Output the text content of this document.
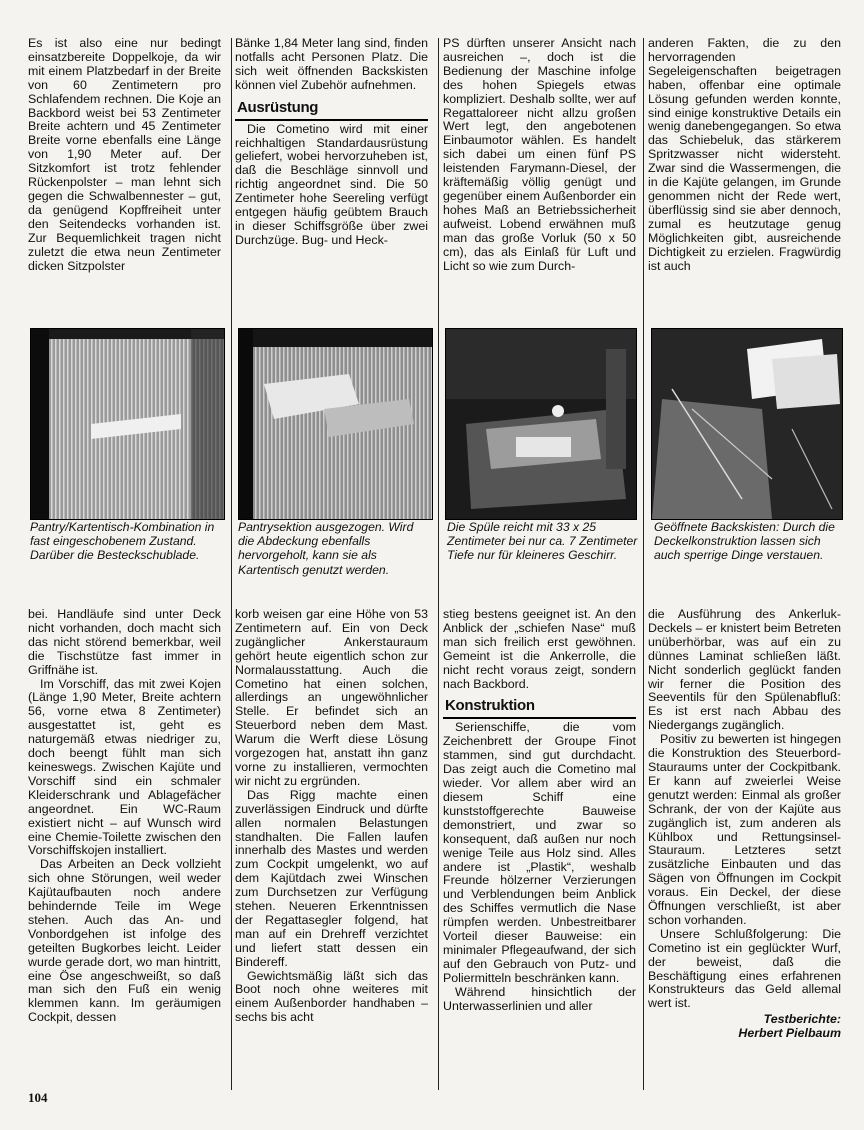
Es ist also eine nur bedingt einsatzbereite Doppelkoje, da wir mit einem Platzbedarf in der Breite von 60 Zentimetern pro Schlafendem rechnen. Die Koje an Backbord weist bei 53 Zentimeter Breite achtern und 45 Zentimeter Breite vorne ebenfalls eine Länge von 1,90 Meter auf. Der Sitzkomfort ist trotz fehlender Rückenpolster – man lehnt sich gegen die Schwalbennester – gut, da genügend Kopffreiheit unter den Seitendecks vorhanden ist. Zur Bequemlichkeit tragen nicht zuletzt die etwa neun Zentimeter dicken Sitzpolster

Bänke 1,84 Meter lang sind, finden notfalls acht Personen Platz. Die sich weit öffnenden Backskisten können viel Zubehör aufnehmen.

Ausrüstung

Die Cometino wird mit einer reichhaltigen Standardausrüstung geliefert, wobei hervorzuheben ist, daß die Beschläge sinnvoll und richtig angeordnet sind. Die 50 Zentimeter hohe Seereling verfügt entgegen häufig geübtem Brauch in dieser Schiffsgröße über zwei Durchzüge. Bug- und Heck-

PS dürften unserer Ansicht nach ausreichen –, doch ist die Bedienung der Maschine infolge des hohen Spiegels etwas kompliziert. Deshalb sollte, wer auf Regattaloreer nicht allzu großen Wert legt, den angebotenen Einbaumotor wählen. Es handelt sich dabei um einen fünf PS leistenden Farymann-Diesel, der kräftemäßig völlig genügt und gegenüber einem Außenborder ein hohes Maß an Betriebssicherheit aufweist. Lobend erwähnen muß man das große Vorluk (50 x 50 cm), das als Einlaß für Luft und Licht so wie zum Durch-

anderen Fakten, die zu den hervorragenden Segeleigenschaften beigetragen haben, offenbar eine optimale Lösung gefunden werden konnte, sind einige konstruktive Details ein wenig danebengegangen. So etwa das Schiebeluk, das stärkerem Spritzwasser nicht widersteht. Zwar sind die Wassermengen, die in die Kajüte gelangen, im Grunde genommen nicht der Rede wert, überflüssig sind sie aber dennoch, zumal es heutzutage genug Möglichkeiten gibt, ausreichende Dichtigkeit zu erzielen. Fragwürdig ist auch

Pantry/Kartentisch-Kombination in fast eingeschobenem Zustand. Darüber die Besteckschublade.
Pantrysektion ausgezogen. Wird die Abdeckung ebenfalls hervorgeholt, kann sie als Kartentisch genutzt werden.
Die Spüle reicht mit 33 x 25 Zentimeter bei nur ca. 7 Zentimeter Tiefe nur für kleineres Geschirr.
Geöffnete Backskisten: Durch die Deckelkonstruktion lassen sich auch sperrige Dinge verstauen.

bei. Handläufe sind unter Deck nicht vorhanden, doch macht sich das nicht störend bemerkbar, weil die Tischstütze fast immer in Griffnähe ist.

Im Vorschiff, das mit zwei Kojen (Länge 1,90 Meter, Breite achtern 56, vorne etwa 8 Zentimeter) ausgestattet ist, geht es naturgemäß etwas niedriger zu, doch beengt fühlt man sich keineswegs. Zwischen Kajüte und Vorschiff sind ein schmaler Kleiderschrank und Ablagefächer angeordnet. Ein WC-Raum existiert nicht – auf Wunsch wird eine Chemie-Toilette zwischen den Vorschiffskojen installiert.

Das Arbeiten an Deck vollzieht sich ohne Störungen, weil weder Kajütaufbauten noch andere behindernde Teile im Wege stehen. Auch das An- und Vonbordgehen ist infolge des geteilten Bugkorbes leicht. Leider wurde gerade dort, wo man hintritt, eine Öse angeschweißt, so daß man sich den Fuß ein wenig klemmen kann. Im geräumigen Cockpit, dessen

korb weisen gar eine Höhe von 53 Zentimetern auf. Ein von Deck zugänglicher Ankerstauraum gehört heute eigentlich schon zur Normalausstattung. Auch die Cometino hat einen solchen, allerdings an ungewöhnlicher Stelle. Er befindet sich an Steuerbord neben dem Mast. Warum die Werft diese Lösung vorgezogen hat, anstatt ihn ganz vorne zu installieren, vermochten wir nicht zu ergründen.

Das Rigg machte einen zuverlässigen Eindruck und dürfte allen normalen Belastungen standhalten. Die Fallen laufen innerhalb des Mastes und werden zum Cockpit umgelenkt, wo auf dem Kajütdach zwei Winschen zum Durchsetzen zur Verfügung stehen. Neueren Erkenntnissen der Regattasegler folgend, hat man auf ein Drehreff verzichtet und liefert statt dessen ein Bindereff.

Gewichtsmäßig läßt sich das Boot noch ohne weiteres mit einem Außenborder handhaben – sechs bis acht

stieg bestens geeignet ist. An den Anblick der „schiefen Nase“ muß man sich freilich erst gewöhnen. Gemeint ist die Ankerrolle, die nicht recht voraus zeigt, sondern nach Backbord.

Konstruktion

Serienschiffe, die vom Zeichenbrett der Groupe Finot stammen, sind gut durchdacht. Das zeigt auch die Cometino mal wieder. Vor allem aber wird an diesem Schiff eine kunststoffgerechte Bauweise demonstriert, und zwar so konsequent, daß außen nur noch wenige Teile aus Holz sind. Alles andere ist „Plastik“, weshalb Freunde hölzerner Verzierungen und Verblendungen beim Anblick des Schiffes vermutlich die Nase rümpfen werden. Unbestreitbarer Vorteil dieser Bauweise: ein minimaler Pflegeaufwand, der sich auf den Gebrauch von Putz- und Poliermitteln beschränken kann.

Während hinsichtlich der Unterwasserlinien und aller

die Ausführung des Ankerluk-Deckels – er knistert beim Betreten unüberhörbar, was auf ein zu dünnes Laminat schließen läßt. Nicht sonderlich geglückt fanden wir ferner die Position des Seeventils für den Spülenabfluß: Es ist erst nach Abbau des Niedergangs zugänglich.

Positiv zu bewerten ist hingegen die Konstruktion des Steuerbord-Stauraums unter der Cockpitbank. Er kann auf zweierlei Weise genutzt werden: Einmal als großer Schrank, der von der Kajüte aus zugänglich ist, zum anderen als Kühlbox und Rettungsinsel-Stauraum. Letzteres setzt zusätzliche Einbauten und das Sägen von Öffnungen im Cockpit voraus. Ein Deckel, der diese Öffnungen verschließt, ist aber schon vorhanden.

Unsere Schlußfolgerung: Die Cometino ist ein geglückter Wurf, der beweist, daß die Beschäftigung eines erfahrenen Konstrukteurs das Geld allemal wert ist.

Testberichte:
Herbert Pielbaum
104
